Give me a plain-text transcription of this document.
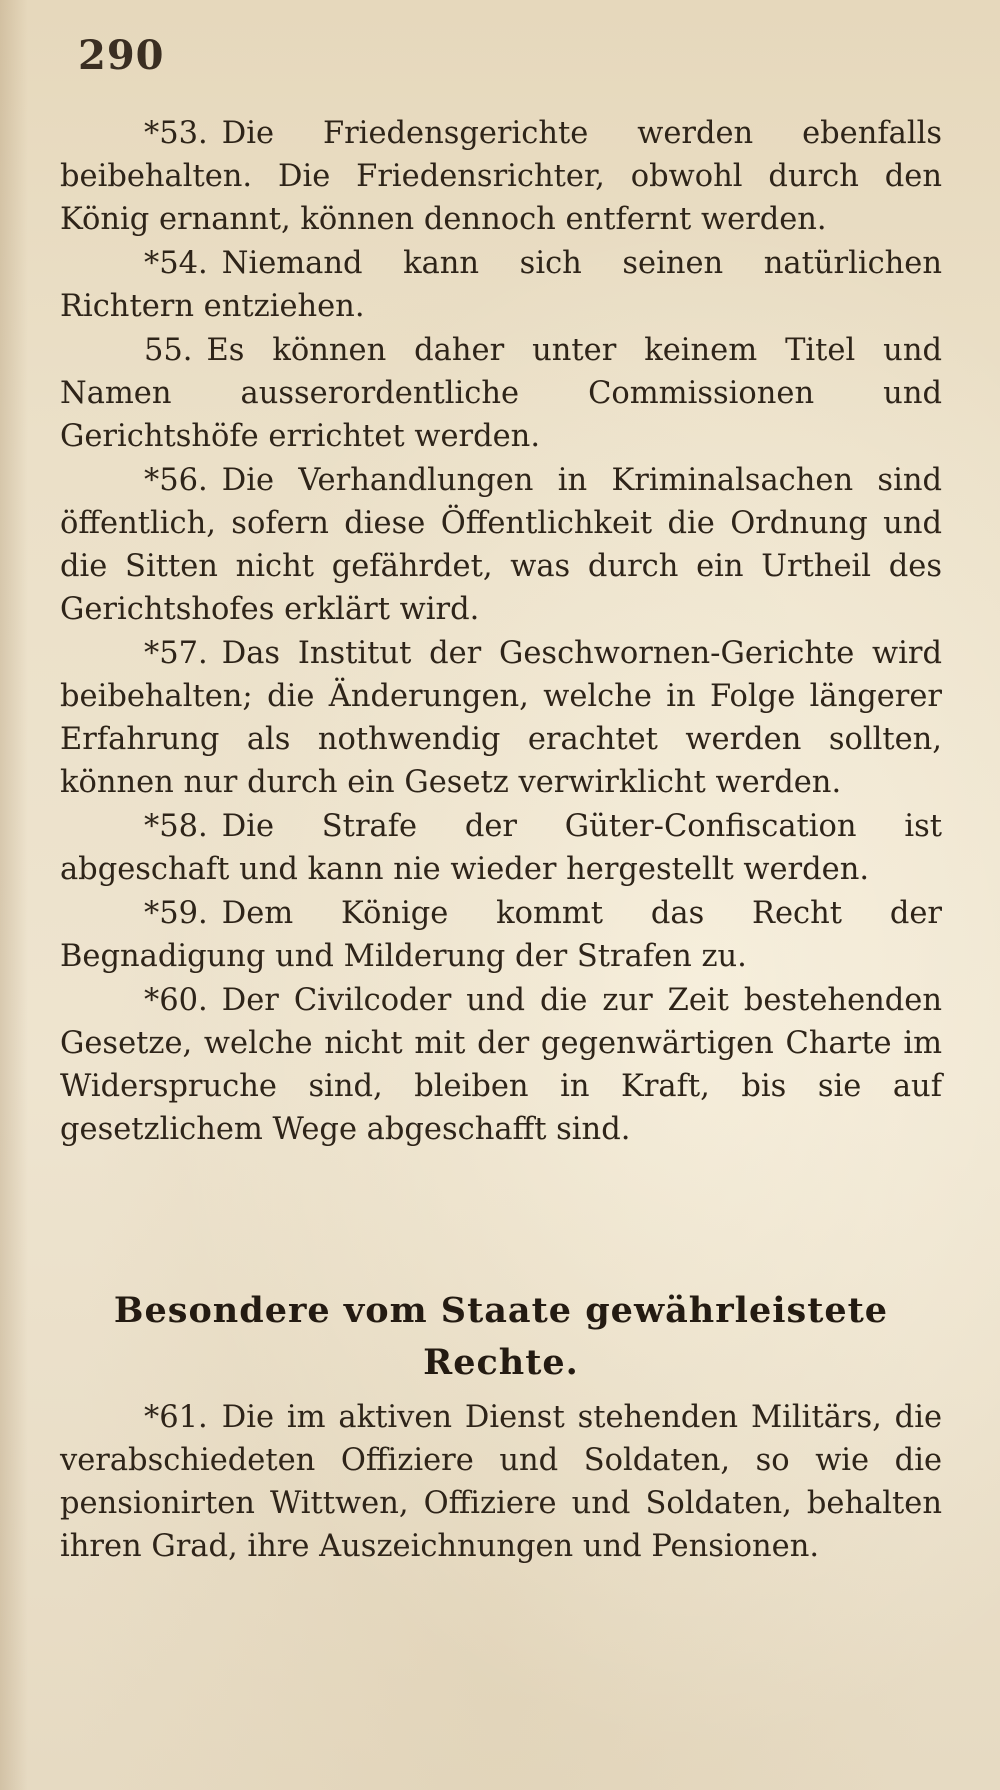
290

*53. Die Friedensgerichte werden ebenfalls beibehalten. Die Friedensrichter, obwohl durch den König ernannt, können dennoch entfernt werden.

*54. Niemand kann sich seinen natürlichen Richtern entziehen.

55. Es können daher unter keinem Titel und Namen ausserordentliche Commissionen und Gerichtshöfe errichtet werden.

*56. Die Verhandlungen in Kriminalsachen sind öffentlich, sofern diese Öffentlichkeit die Ordnung und die Sitten nicht gefährdet, was durch ein Urtheil des Gerichtshofes erklärt wird.

*57. Das Institut der Geschwornen-Gerichte wird beibehalten; die Änderungen, welche in Folge längerer Erfahrung als nothwendig erachtet werden sollten, können nur durch ein Gesetz verwirklicht werden.

*58. Die Strafe der Güter-Confiscation ist abgeschaft und kann nie wieder hergestellt werden.

*59. Dem Könige kommt das Recht der Begnadigung und Milderung der Strafen zu.

*60. Der Civilcoder und die zur Zeit bestehenden Gesetze, welche nicht mit der gegenwärtigen Charte im Widerspruche sind, bleiben in Kraft, bis sie auf gesetzlichem Wege abgeschafft sind.

Besondere vom Staate gewährleistete Rechte.

*61. Die im aktiven Dienst stehenden Militärs, die verabschiedeten Offiziere und Soldaten, so wie die pensionirten Wittwen, Offiziere und Soldaten, behalten ihren Grad, ihre Auszeichnungen und Pensionen.
